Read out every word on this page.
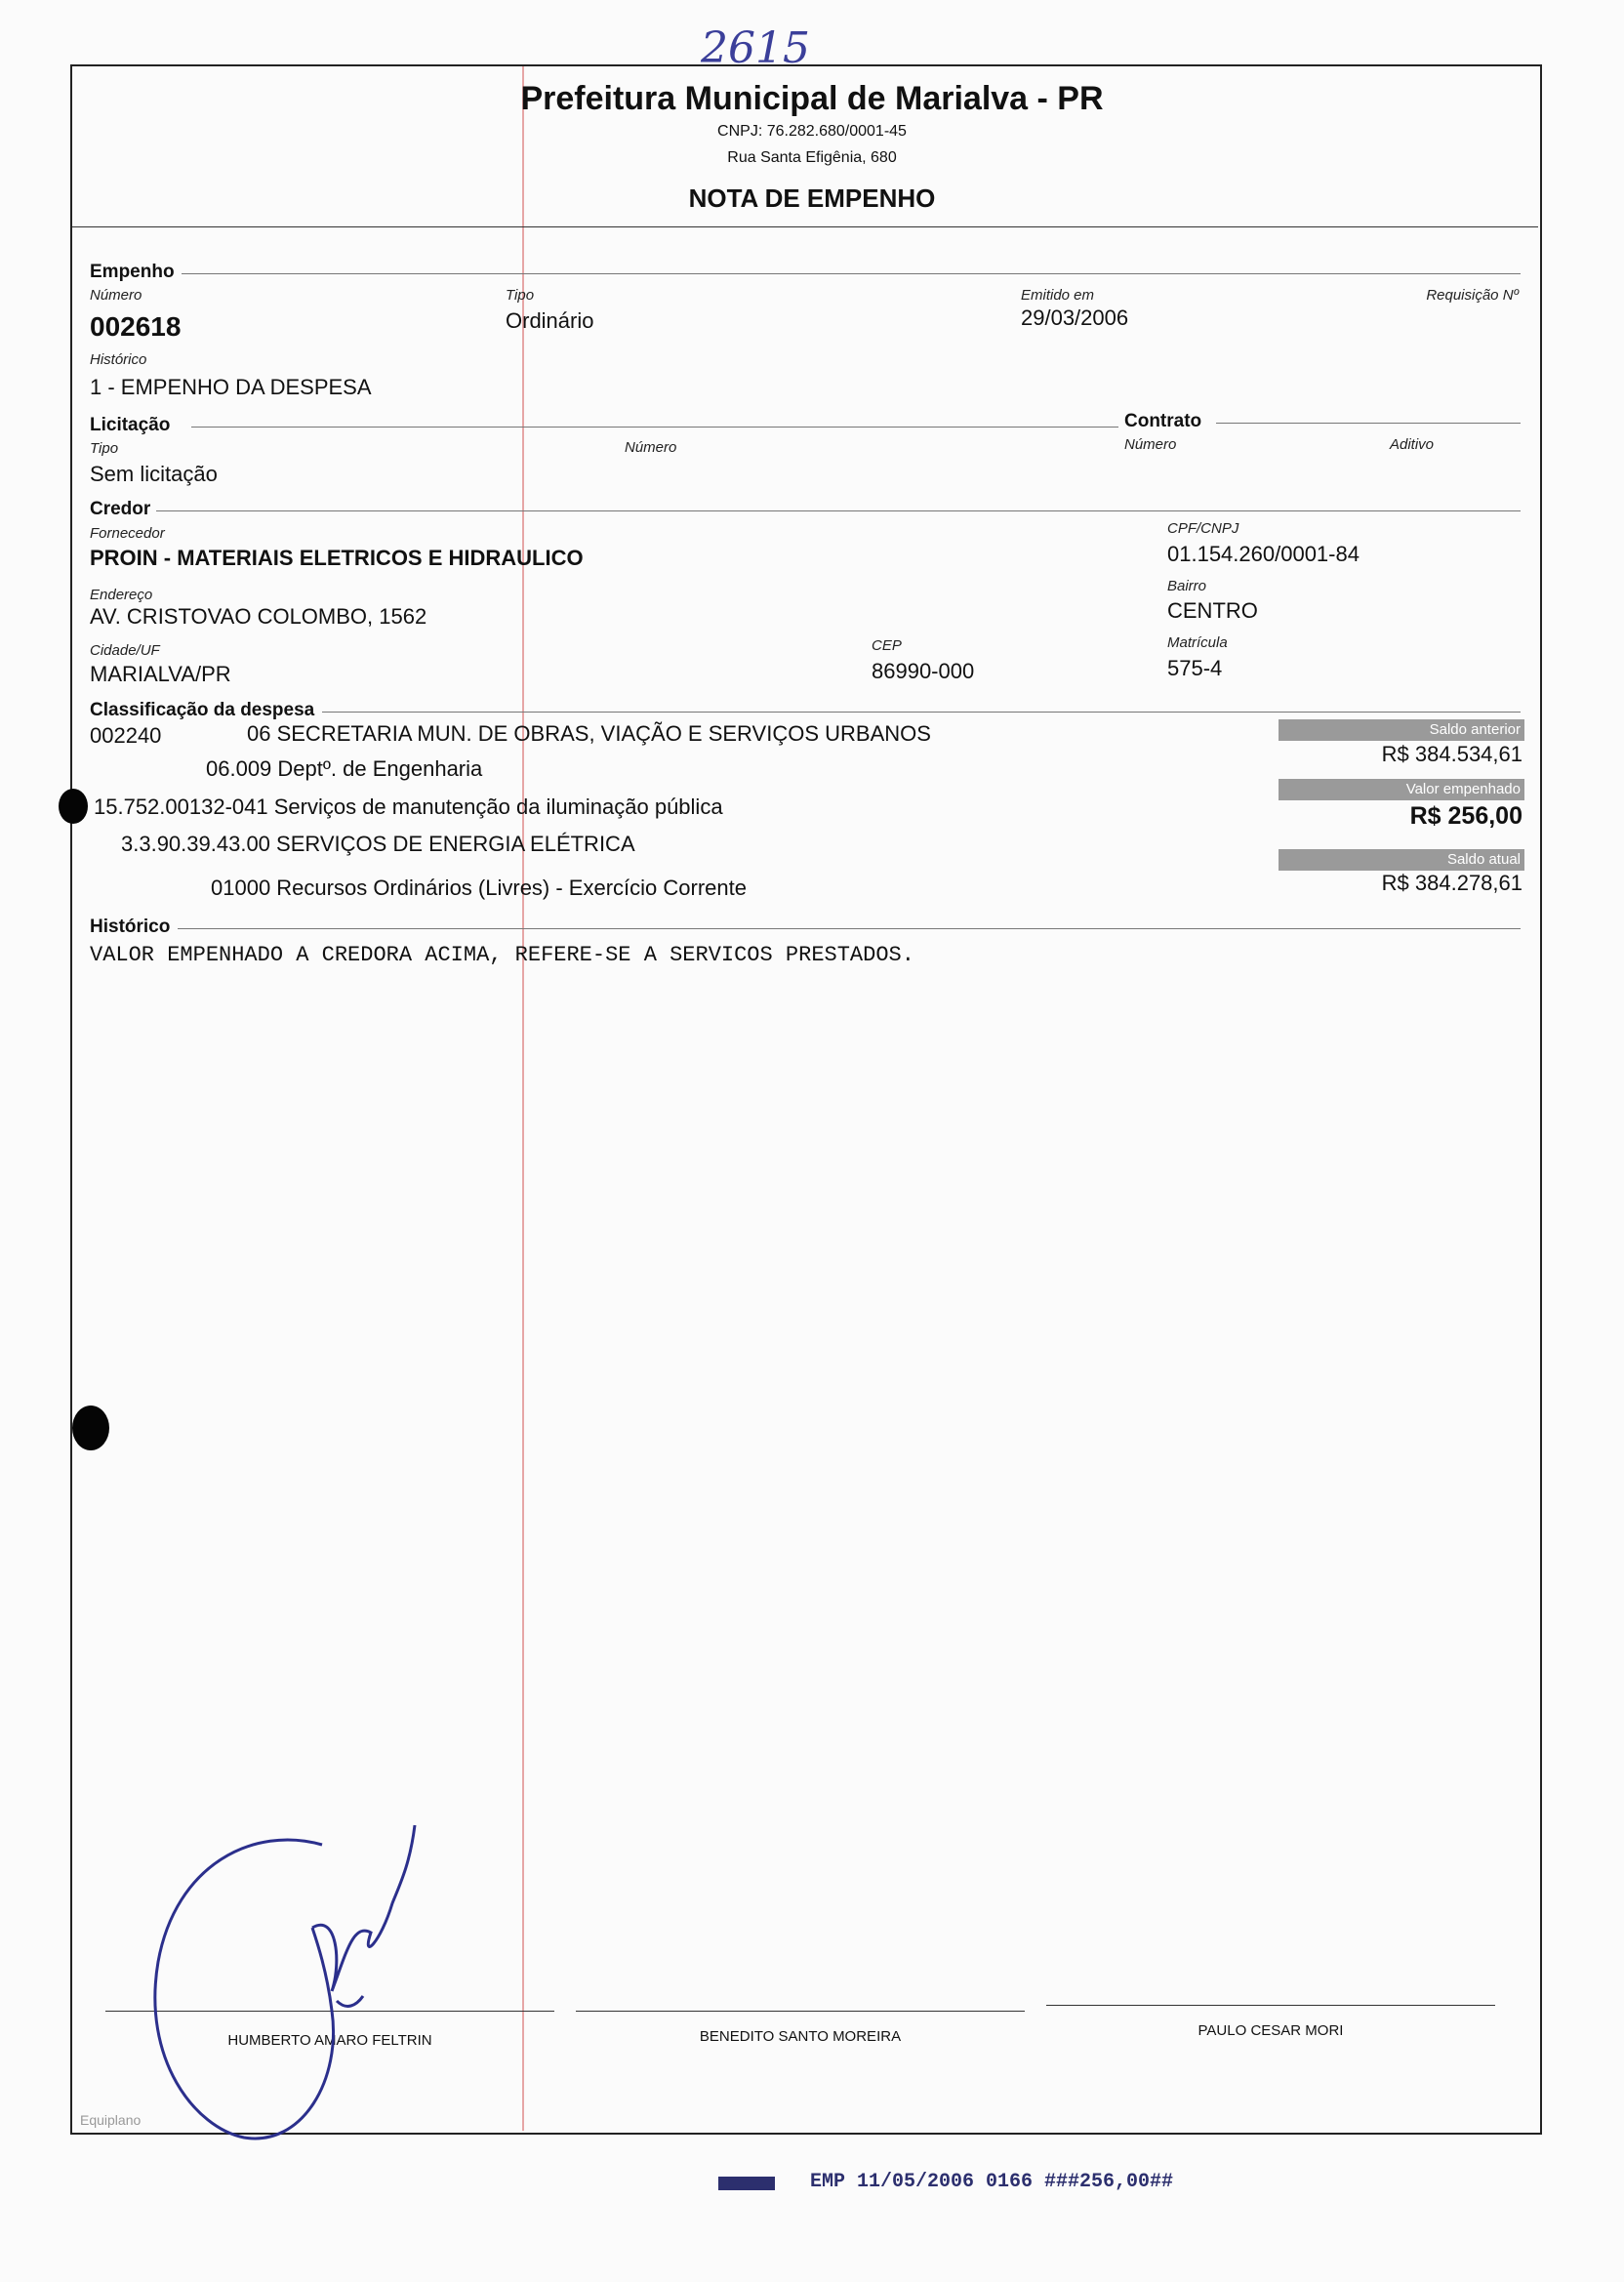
2615
Prefeitura Municipal de Marialva - PR
CNPJ: 76.282.680/0001-45
Rua Santa Efigênia, 680
NOTA DE EMPENHO
Empenho
Número
002618
Tipo
Ordinário
Emitido em
29/03/2006
Requisição Nº
Histórico
1 - EMPENHO DA DESPESA
Licitação	Contrato
Tipo
Sem licitação
Número	Número	Aditivo
Credor
Fornecedor
PROIN - MATERIAIS ELETRICOS E HIDRAULICO
CPF/CNPJ
01.154.260/0001-84
Endereço
AV. CRISTOVAO COLOMBO, 1562
Bairro
CENTRO
Cidade/UF
MARIALVA/PR
CEP
86990-000
Matrícula
575-4
Classificação da despesa
002240	06 SECRETARIA MUN. DE OBRAS, VIAÇÃO E SERVIÇOS URBANOS
06.009 Deptº. de Engenharia
15.752.00132-041 Serviços de manutenção da iluminação pública
3.3.90.39.43.00 SERVIÇOS DE ENERGIA ELÉTRICA
01000 Recursos Ordinários (Livres) - Exercício Corrente
Saldo anterior
R$ 384.534,61
Valor empenhado
R$ 256,00
Saldo atual
R$ 384.278,61
Histórico
VALOR EMPENHADO A CREDORA ACIMA, REFERE-SE A SERVICOS PRESTADOS.
HUMBERTO AMARO FELTRIN	BENEDITO SANTO MOREIRA	PAULO CESAR MORI
Equiplano
EMP 11/05/2006 0166 ###256,00##
